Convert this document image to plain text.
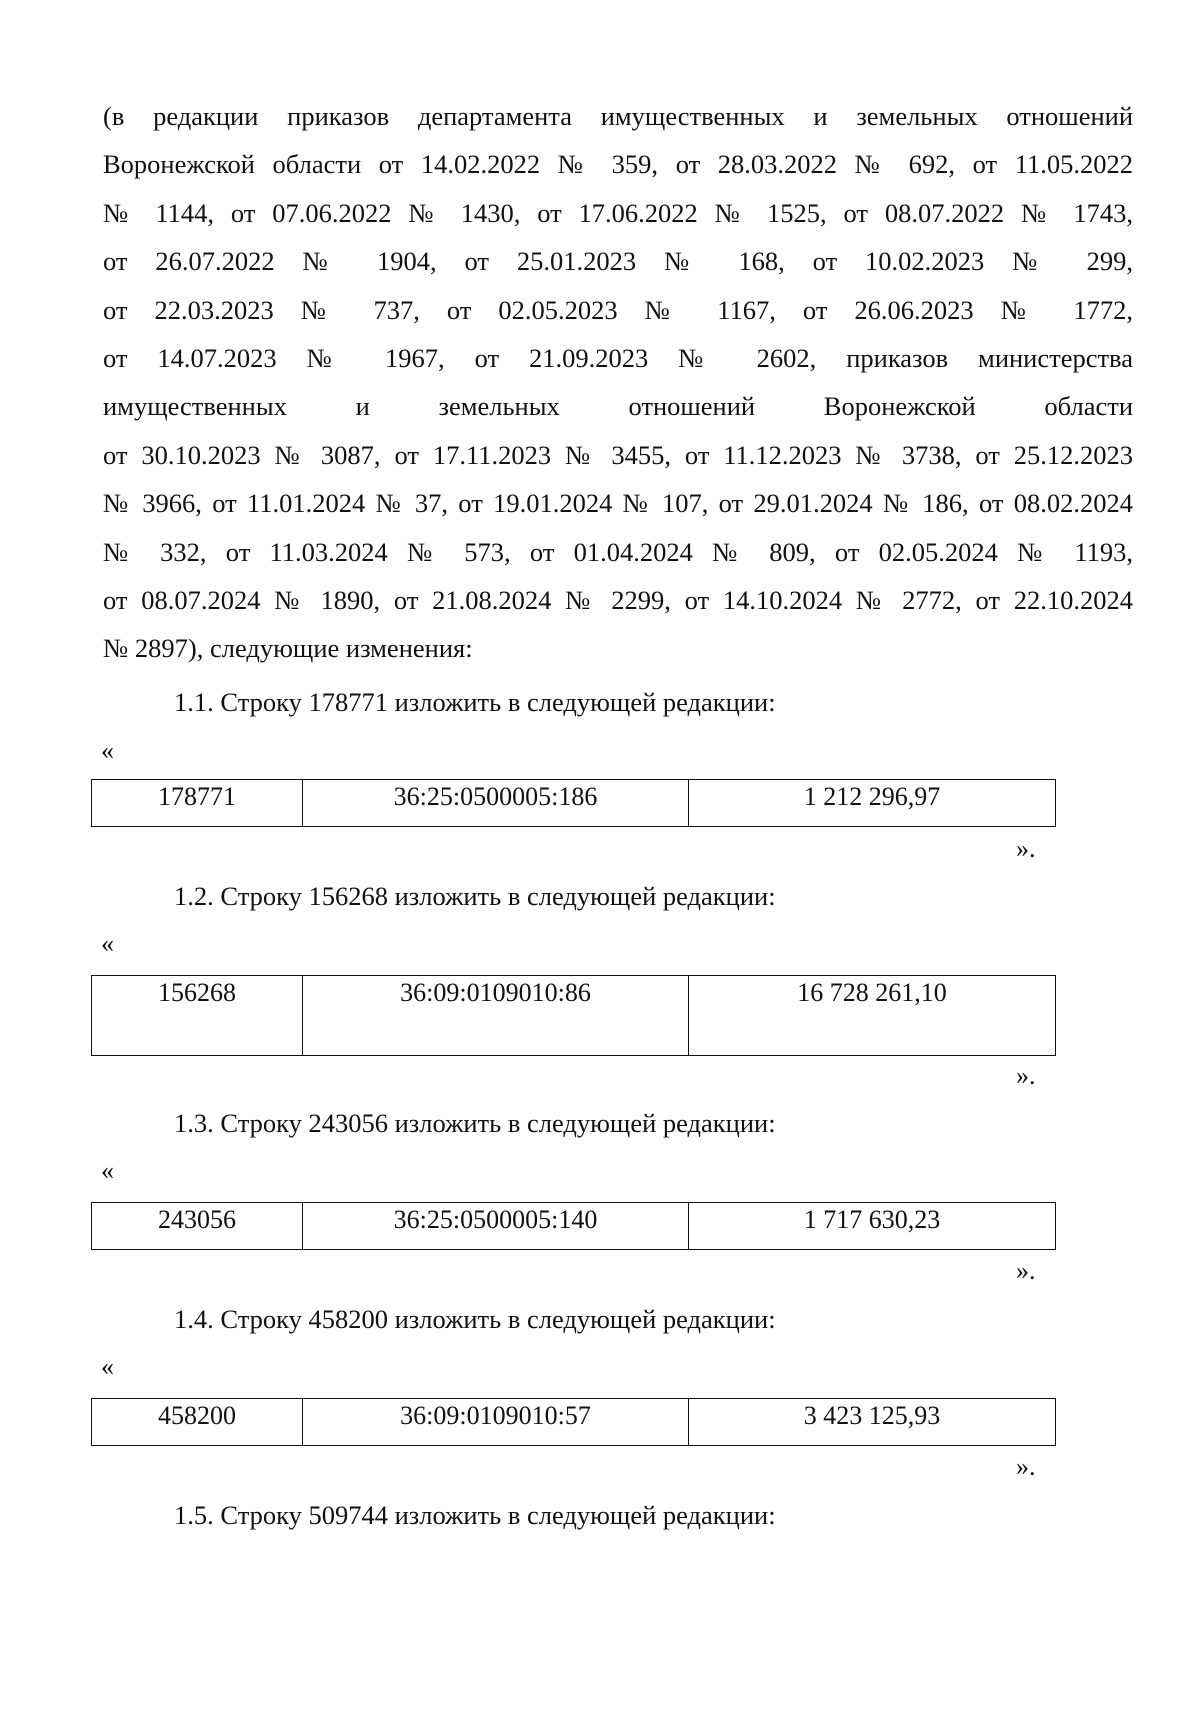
(в редакции приказов департамента имущественных и земельных отношений
Воронежской области от 14.02.2022 № 359, от 28.03.2022 № 692, от 11.05.2022
№ 1144, от 07.06.2022 № 1430, от 17.06.2022 № 1525, от 08.07.2022 № 1743,
от 26.07.2022 № 1904, от 25.01.2023 № 168, от 10.02.2023 № 299,
от 22.03.2023 № 737, от 02.05.2023 № 1167, от 26.06.2023 № 1772,
от 14.07.2023 № 1967, от 21.09.2023 № 2602, приказов министерства
имущественных и земельных отношений Воронежской области
от 30.10.2023 № 3087, от 17.11.2023 № 3455, от 11.12.2023 № 3738, от 25.12.2023
№ 3966, от 11.01.2024 № 37, от 19.01.2024 № 107, от 29.01.2024 № 186, от 08.02.2024
№ 332, от 11.03.2024 № 573, от 01.04.2024 № 809, от 02.05.2024 № 1193,
от 08.07.2024 № 1890, от 21.08.2024 № 2299, от 14.10.2024 № 2772, от 22.10.2024
№ 2897), следующие изменения:
1.1. Строку 178771 изложить в следующей редакции:
«
178771	36:25:0500005:186	1 212 296,97
».
1.2. Строку 156268 изложить в следующей редакции:
«
156268	36:09:0109010:86	16 728 261,10
».
1.3. Строку 243056 изложить в следующей редакции:
«
243056	36:25:0500005:140	1 717 630,23
».
1.4. Строку 458200 изложить в следующей редакции:
«
458200	36:09:0109010:57	3 423 125,93
».
1.5. Строку 509744 изложить в следующей редакции:
